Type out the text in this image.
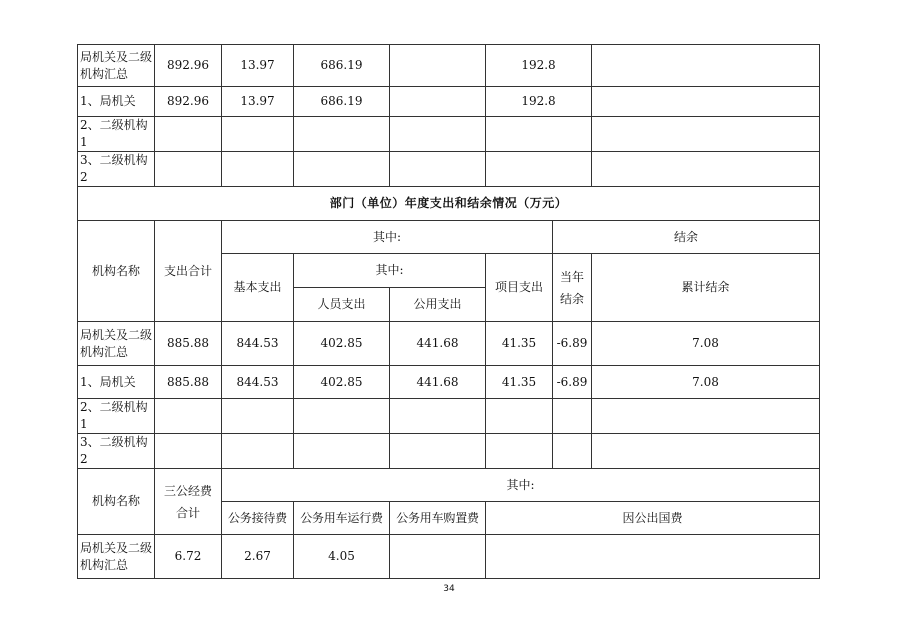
局机关及二级机构汇总	892.96	13.97	686.19		192.8		
1、局机关	892.96	13.97	686.19		192.8		
2、二级机构 1							
3、二级机构 2							
部门（单位）年度支出和结余情况（万元）							
机构名称	支出合计	其中:				结余	
		基本支出	其中:		项目支出	当年结余	累计结余
			人员支出	公用支出			
局机关及二级机构汇总	885.88	844.53	402.85	441.68	41.35	-6.89	7.08
1、局机关	885.88	844.53	402.85	441.68	41.35	-6.89	7.08
2、二级机构 1							
3、二级机构 2							
机构名称	三公经费合计	其中:					
		公务接待费	公务用车运行费	公务用车购置费	因公出国费		
局机关及二级机构汇总	6.72	2.67	4.05				
34
